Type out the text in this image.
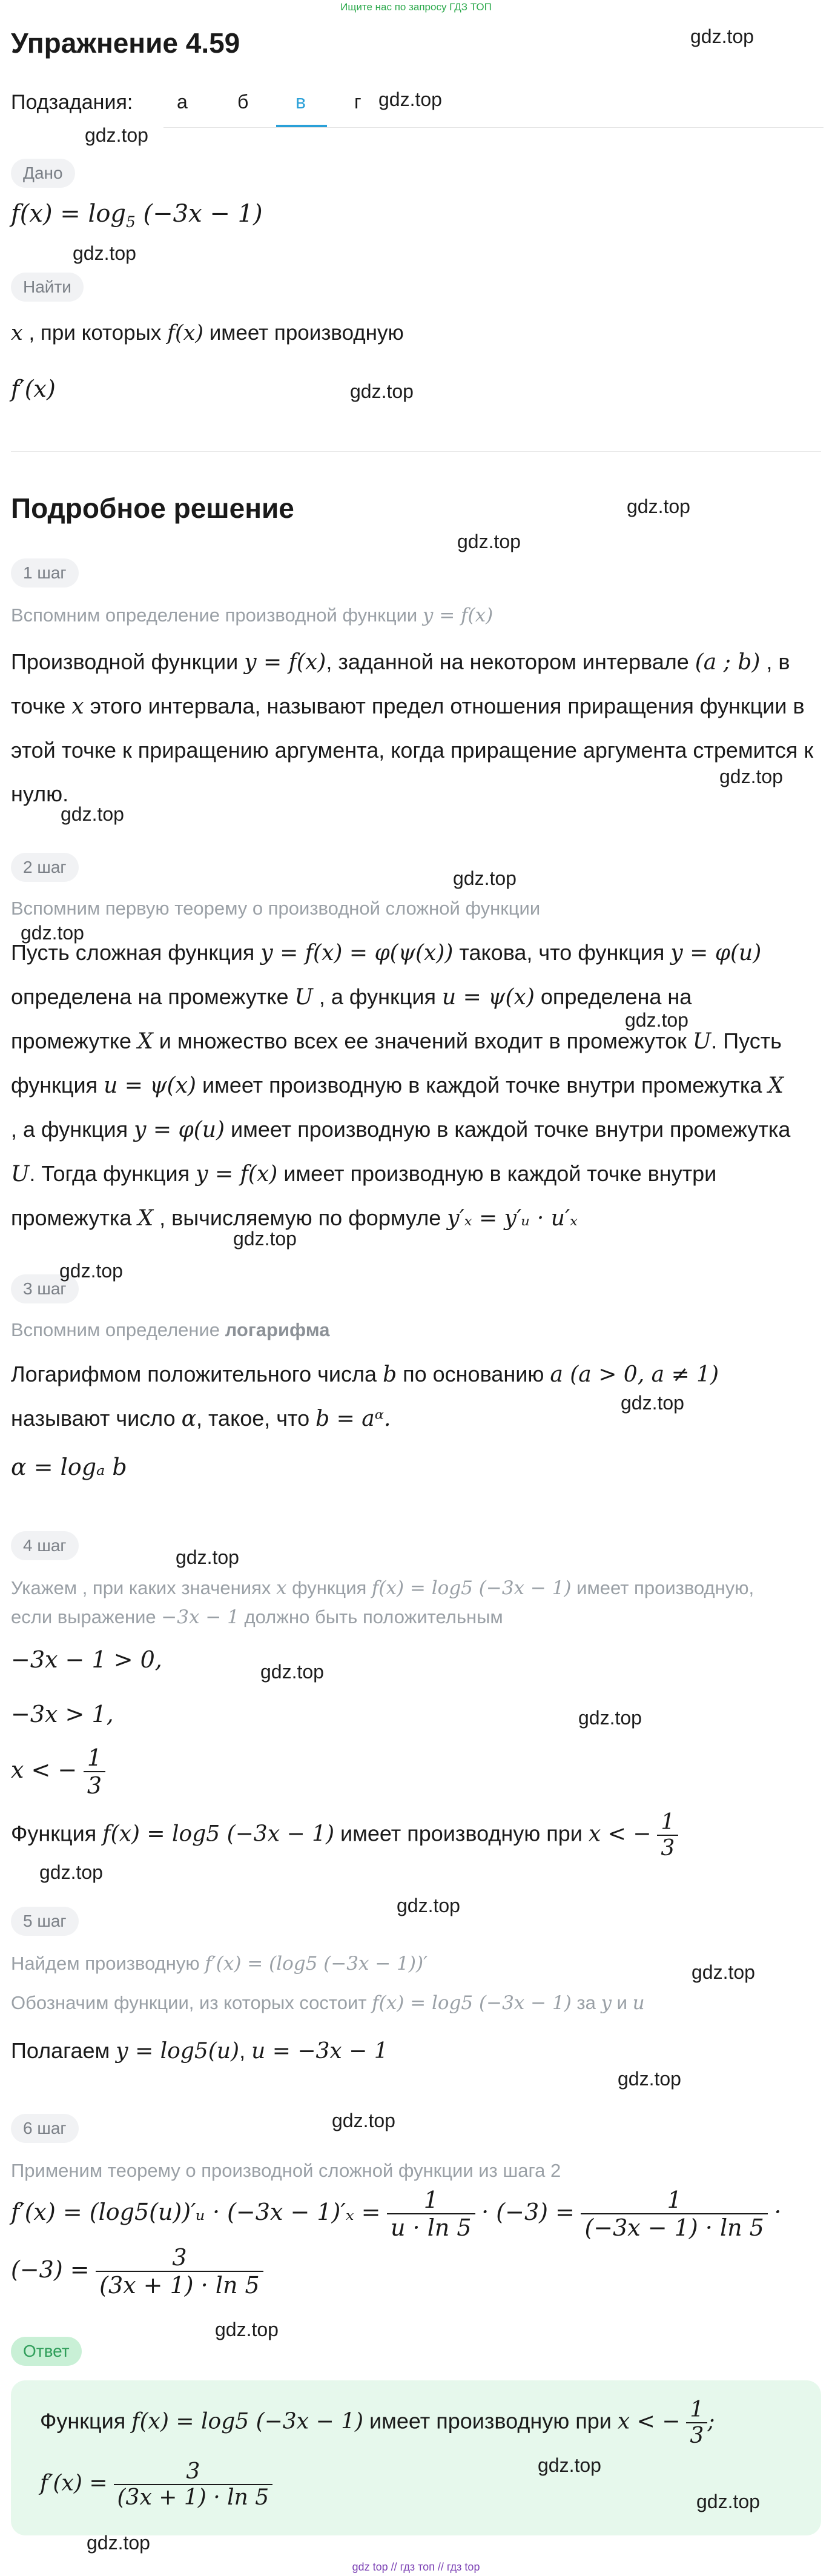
Ищите нас по запросу ГДЗ ТОП
Упражнение 4.59
Подзадания: а	б в	г
Дано
$f(x) = \log_5 (-3x - 1)$
Найти
x , при которых f(x) имеет производную
f′(x)
Подробное решение
1 шаг
Вспомним определение производной функции y = f(x)
Производной функции y = f(x), заданной на некотором интервале (a ; b) , в точке x этого интервала, называют предел отношения приращения функции в этой точке к приращению аргумента, когда приращение аргумента стремится к нулю.
2 шаг
Вспомним первую теорему о производной сложной функции
Пусть сложная функция y = f(x) = φ(ψ(x)) такова, что функция y = φ(u)
определена на промежутке U , а функция u = ψ(x) определена на
промежутке X и множество всех ее значений входит в промежуток U. Пусть
функция u = ψ(x) имеет производную в каждой точке внутри промежутка X
, а функция y = φ(u) имеет производную в каждой точке внутри промежутка
U. Тогда функция y = f(x) имеет производную в каждой точке внутри
промежутка X , вычисляемую по формуле y′ₓ = y′ᵤ · u′ₓ
3 шаг
Вспомним определение логарифма
Логарифмом положительного числа b по основанию a (a > 0, a ≠ 1)
называют число α, такое, что b = aᵅ.
α = logₐ b
4 шаг
Укажем , при каких значениях x функция f(x) = log5 (−3x − 1) имеет производную,
если выражение −3x − 1 должно быть положительным
−3x − 1 > 0,
−3x > 1,
x < − $\frac{1}{3}$
Функция f(x) = log5 (−3x − 1) имеет производную при x < − $\frac{1}{3}$
5 шаг
Найдем производную f′(x) = (log5 (−3x − 1))′
Обозначим функции, из которых состоит f(x) = log5 (−3x − 1) за y и u
Полагаем y = log5(u), u = −3x − 1
6 шаг
Применим теорему о производной сложной функции из шага 2
f′(x) = (log5(u))′ᵤ · $(-3x - 1)'_x = \frac{1}{u \cdot \ln 5} \cdot (-3) = \frac{1}{(-3x - 1) \cdot \ln 5}$ ·
$(-3) = \frac{3}{(3x + 1) \cdot \ln 5}$
Ответ
Функция f(x) = log5 (−3x − 1) имеет производную при x < − $\frac{1}{3}$ ;
$f'(x) = \frac{3}{(3x + 1) \cdot \ln 5}$
gdz top // гдз топ // гдз top
gdz.top
gdz.top
gdz.top
gdz.top
gdz.top
gdz.top
gdz.top
gdz.top
gdz.top
gdz.top
gdz.top
gdz.top
gdz.top
gdz.top
gdz.top
gdz.top
gdz.top
gdz.top
gdz.top
gdz.top
gdz.top
gdz.top
gdz.top
gdz.top
gdz.top
gdz.top
gdz.top
